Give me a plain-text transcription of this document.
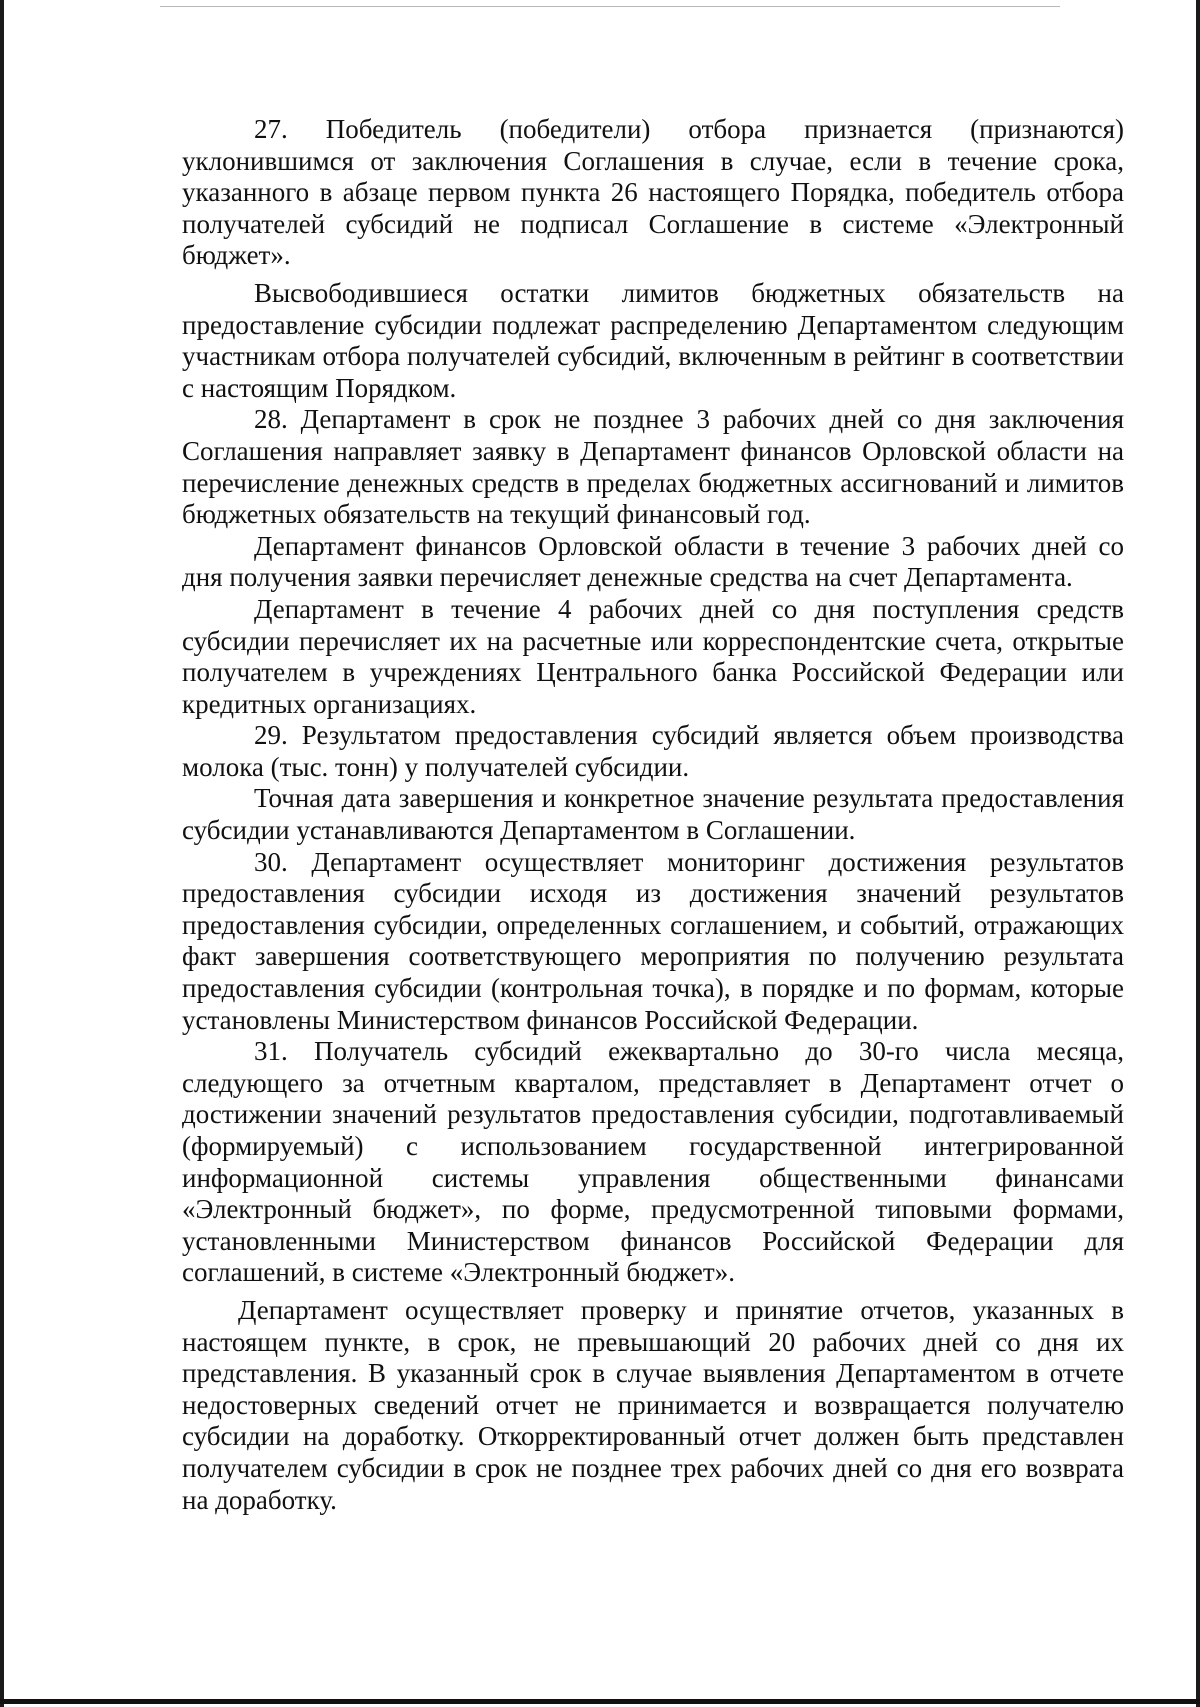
27. Победитель (победители) отбора признается (признаются) уклонившимся от заключения Соглашения в случае, если в течение срока, указанного в абзаце первом пункта 26 настоящего Порядка, победитель отбора получателей субсидий не подписал Соглашение в системе «Электронный бюджет».

Высвободившиеся остатки лимитов бюджетных обязательств на предоставление субсидии подлежат распределению Департаментом следующим участникам отбора получателей субсидий, включенным в рейтинг в соответствии с настоящим Порядком.

28. Департамент в срок не позднее 3 рабочих дней со дня заключения Соглашения направляет заявку в Департамент финансов Орловской области на перечисление денежных средств в пределах бюджетных ассигнований и лимитов бюджетных обязательств на текущий финансовый год.

Департамент финансов Орловской области в течение 3 рабочих дней со дня получения заявки перечисляет денежные средства на счет Департамента.

Департамент в течение 4 рабочих дней со дня поступления средств субсидии перечисляет их на расчетные или корреспондентские счета, открытые получателем в учреждениях Центрального банка Российской Федерации или кредитных организациях.

29. Результатом предоставления субсидий является объем производства молока (тыс. тонн) у получателей субсидии.

Точная дата завершения и конкретное значение результата предоставления субсидии устанавливаются Департаментом в Соглашении.

30. Департамент осуществляет мониторинг достижения результатов предоставления субсидии исходя из достижения значений результатов предоставления субсидии, определенных соглашением, и событий, отражающих факт завершения соответствующего мероприятия по получению результата предоставления субсидии (контрольная точка), в порядке и по формам, которые установлены Министерством финансов Российской Федерации.

31. Получатель субсидий ежеквартально до 30-го числа месяца, следующего за отчетным кварталом, представляет в Департамент отчет о достижении значений результатов предоставления субсидии, подготавливаемый (формируемый) с использованием государственной интегрированной информационной системы управления общественными финансами «Электронный бюджет», по форме, предусмотренной типовыми формами, установленными Министерством финансов Российской Федерации для соглашений, в системе «Электронный бюджет».

Департамент осуществляет проверку и принятие отчетов, указанных в настоящем пункте, в срок, не превышающий 20 рабочих дней со дня их представления. В указанный срок в случае выявления Департаментом в отчете недостоверных сведений отчет не принимается и возвращается получателю субсидии на доработку. Откорректированный отчет должен быть представлен получателем субсидии в срок не позднее трех рабочих дней со дня его возврата на доработку.
